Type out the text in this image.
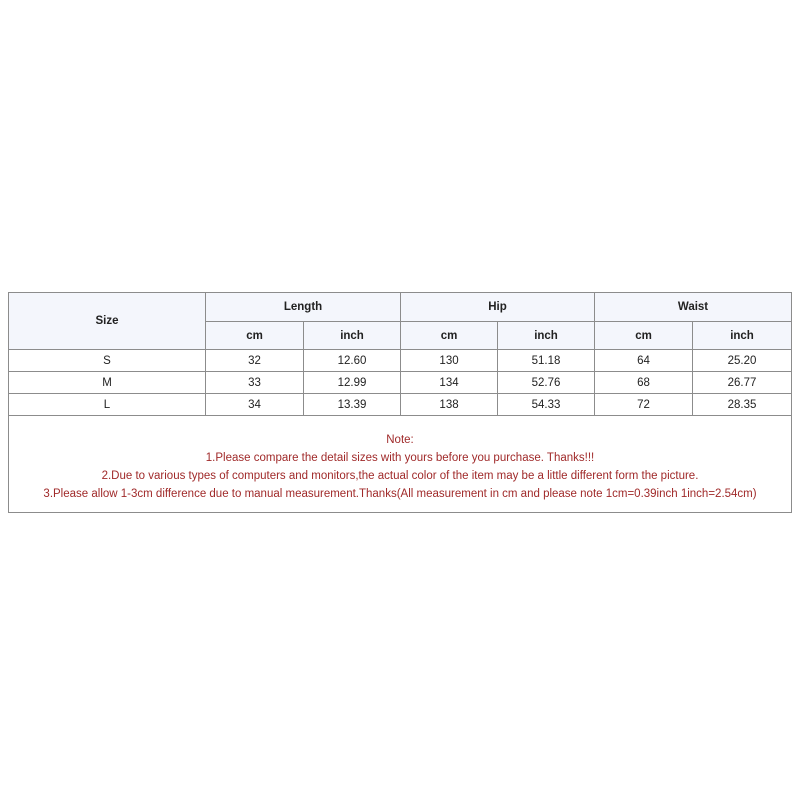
Size	Length		Hip		Waist	
	cm	inch	cm	inch	cm	inch
S	32	12.60	130	51.18	64	25.20
M	33	12.99	134	52.76	68	26.77
L	34	13.39	138	54.33	72	28.35

Note:
1.Please compare the detail sizes with yours before you purchase. Thanks!!!
2.Due to various types of computers and monitors,the actual color of the item may be a little different form the picture.
3.Please allow 1-3cm difference due to manual measurement.Thanks(All measurement in cm and please note 1cm=0.39inch 1inch=2.54cm)						
